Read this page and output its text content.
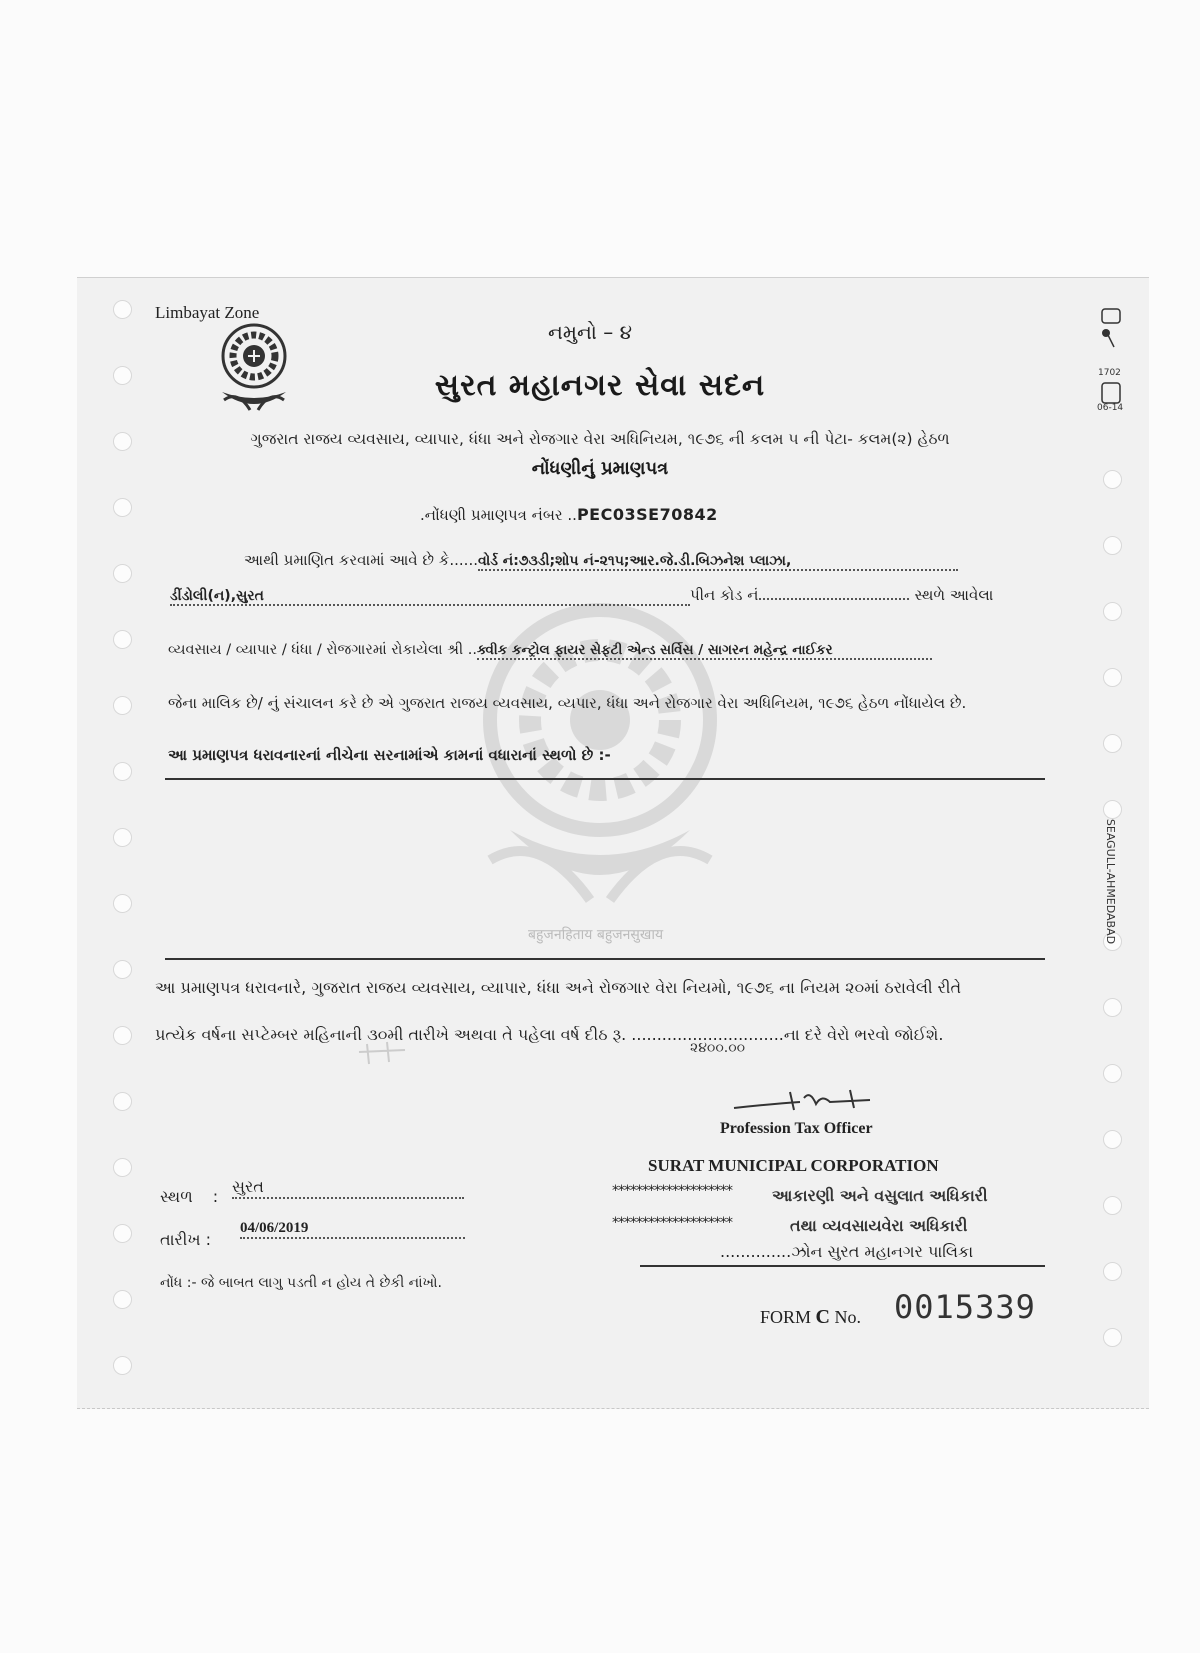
बहुजनहिताय बहुजनसुखाय
Limbayat Zone
નમુનો – ૪
સુરત મહાનગર સેવા સદન
ગુજરાત રાજય વ્યવસાય, વ્યાપાર, ધંધા અને રોજગાર વેરા અધિનિયમ, ૧૯૭૬ ની કલમ ૫ ની પેટા- કલમ(૨) હેઠળ
નોંધણીનું પ્રમાણપત્ર
.નોંધણી પ્રમાણપત્ર નંબર ..PEC03SE70842
આથી પ્રમાણિત કરવામાં આવે છે કે......વોર્ડ નં:૭૩ડી;શોપ નં-૨૧૫;આર.જે.ડી.બિઝનેશ પ્લાઝા,
ડીંડોલી(ન),સુરત	પીન કોડ નં	સ્થળે આવેલા
વ્યવસાય / વ્યાપાર / ધંધા / રોજગારમાં રોકાયેલા શ્રી ..ક્વીક કન્ટ્રોલ ફાયર સેફટી એન્ડ સર્વિસ / સાગરન મહેન્દ્ર નાઈકર
જેના માલિક છે/ નું સંચાલન કરે છે એ ગુજરાત રાજય વ્યવસાય, વ્યપાર, ધંધા અને રોજગાર વેરા અધિનિયમ, ૧૯૭૬ હેઠળ નોંધાયેલ છે.
આ પ્રમાણપત્ર ધરાવનારનાં નીચેના સરનામાંએ કામનાં વધારાનાં સ્થળો છે :-
આ પ્રમાણપત્ર ધરાવનારે, ગુજરાત રાજય વ્યવસાય, વ્યાપાર, ધંધા અને રોજગાર વેરા નિયમો, ૧૯૭૬ ના નિયમ ૨૦માં ઠરાવેલી રીતે
પ્રત્યેક વર્ષના સપ્ટેમ્બર મહિનાની ૩૦મી તારીખે અથવા તે પહેલા વર્ષ દીઠ રૂ. ..............................ના દરે વેરો ભરવો જોઈશે.
૨૪૦૦.૦૦
Profession Tax Officer
SURAT MUNICIPAL CORPORATION
********************	આકારણી અને વસુલાત અધિકારી
********************	તથા વ્યવસાયવેરા અધિકારી
..............ઝોન સુરત મહાનગર પાલિકા
સ્થળ :
સુરત
તારીખ :
04/06/2019
નોંધ :- જે બાબત લાગુ પડતી ન હોય તે છેકી નાંખો.
FORM C No. 0015339
1702
06-14
SEAGULL-AHMEDABAD
